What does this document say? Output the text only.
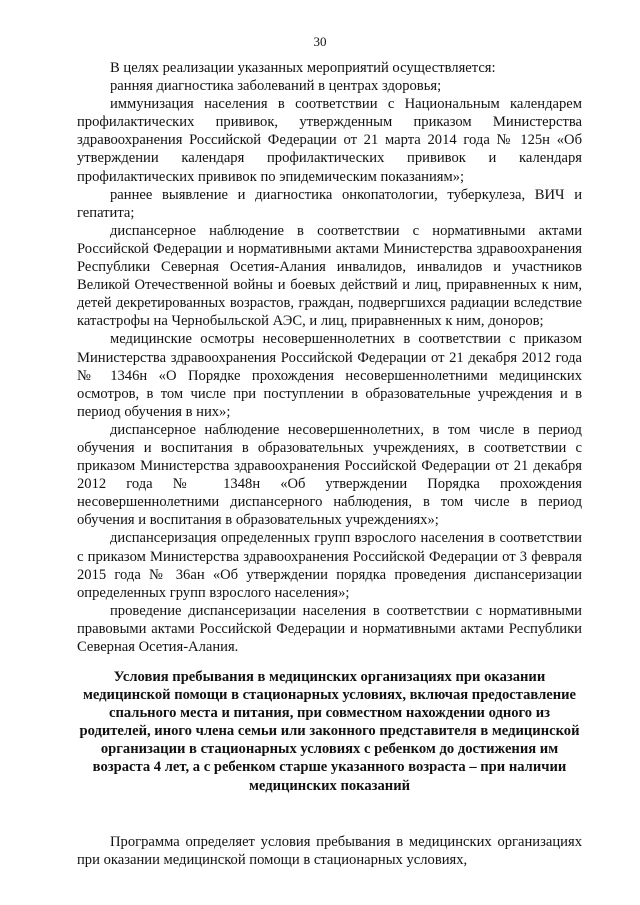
30

В целях реализации указанных мероприятий осуществляется:

ранняя диагностика заболеваний в центрах здоровья;

иммунизация населения в соответствии с Национальным календарем профилактических прививок, утвержденным приказом Министерства здравоохранения Российской Федерации от 21 марта 2014 года № 125н «Об утверждении календаря профилактических прививок и календаря профилактических прививок по эпидемическим показаниям»;

раннее выявление и диагностика онкопатологии, туберкулеза, ВИЧ и гепатита;

диспансерное наблюдение в соответствии с нормативными актами Российской Федерации и нормативными актами Министерства здравоохранения Республики Северная Осетия-Алания инвалидов, инвалидов и участников Великой Отечественной войны и боевых действий и лиц, приравненных к ним, детей декретированных возрастов, граждан, подвергшихся радиации вследствие катастрофы на Чернобыльской АЭС, и лиц, приравненных к ним, доноров;

медицинские осмотры несовершеннолетних в соответствии с приказом Министерства здравоохранения Российской Федерации от 21 декабря 2012 года № 1346н «О Порядке прохождения несовершеннолетними медицинских осмотров, в том числе при поступлении в образовательные учреждения и в период обучения в них»;

диспансерное наблюдение несовершеннолетних, в том числе в период обучения и воспитания в образовательных учреждениях, в соответствии с приказом Министерства здравоохранения Российской Федерации от 21 декабря 2012 года № 1348н «Об утверждении Порядка прохождения несовершеннолетними диспансерного наблюдения, в том числе в период обучения и воспитания в образовательных учреждениях»;

диспансеризация определенных групп взрослого населения в соответствии с приказом Министерства здравоохранения Российской Федерации от 3 февраля 2015 года № 36ан «Об утверждении порядка проведения диспансеризации определенных групп взрослого населения»;

проведение диспансеризации населения в соответствии с нормативными правовыми актами Российской Федерации и нормативными актами Республики Северная Осетия-Алания.

Условия пребывания в медицинских организациях при оказании медицинской помощи в стационарных условиях, включая предоставление спального места и питания, при совместном нахождении одного из родителей, иного члена семьи или законного представителя в медицинской организации в стационарных условиях с ребенком до достижения им возраста 4 лет, а с ребенком старше указанного возраста – при наличии медицинских показаний

Программа определяет условия пребывания в медицинских организациях при оказании медицинской помощи в стационарных условиях,
